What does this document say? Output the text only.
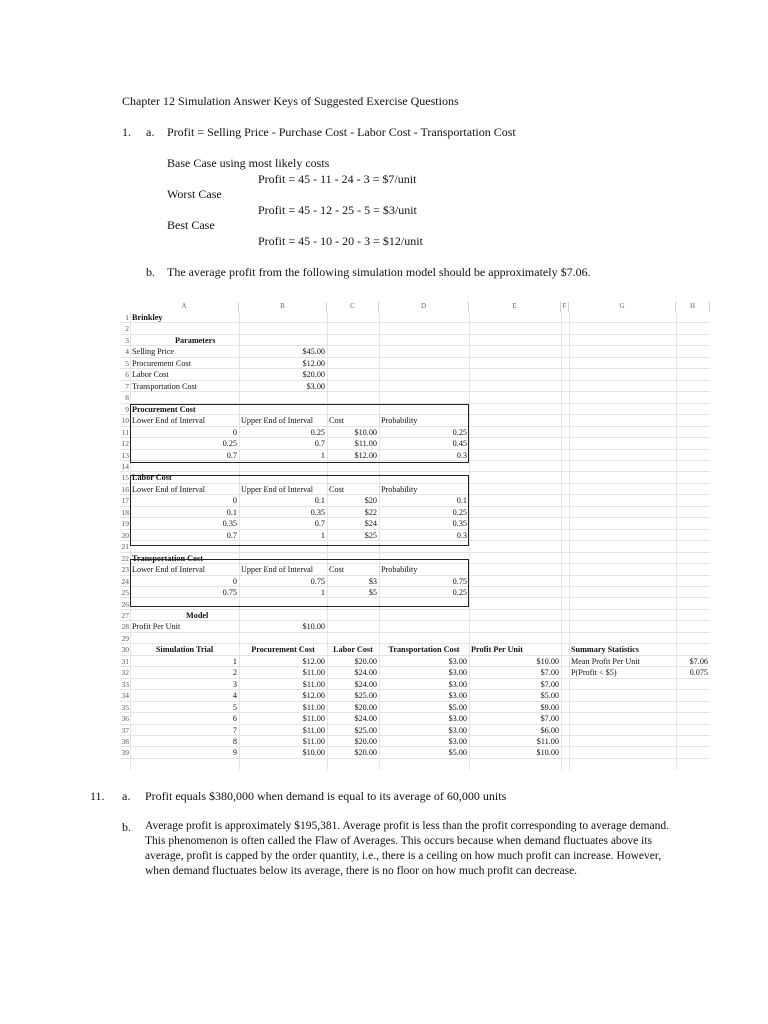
Chapter 12 Simulation Answer Keys of Suggested Exercise Questions
1. a. Profit = Selling Price - Purchase Cost - Labor Cost - Transportation Cost
Base Case using most likely costs
Profit = 45 - 11 - 24 - 3 = $7/unit
Worst Case
Profit = 45 - 12 - 25 - 5 = $3/unit
Best Case
Profit = 45 - 10 - 20 - 3 = $12/unit
b. The average profit from the following simulation model should be approximately $7.06.
A	B	C	D	E	F	G	H
1 Brinkley
2
3	Parameters
4 Selling Price	$45.00
5 Procurement Cost	$12.00
6 Labor Cost	$20.00
7 Transportation Cost	$3.00
8
9 Procurement Cost
10 Lower End of Interval	Upper End of Interval	Cost	Probability
11	0	0.25	$10.00	0.25
12	0.25	0.7	$11.00	0.45
13	0.7	1	$12.00	0.3
14
15 Labor Cost
16 Lower End of Interval	Upper End of Interval	Cost	Probability
17	0	0.1	$20	0.1
18	0.1	0.35	$22	0.25
19	0.35	0.7	$24	0.35
20	0.7	1	$25	0.3
21
22 Transportation Cost
23 Lower End of Interval	Upper End of Interval	Cost	Probability
24	0	0.75	$3	0.75
25	0.75	1	$5	0.25
26
27	Model
28 Profit Per Unit	$10.00
29
30	Simulation Trial	Procurement Cost	Labor Cost	Transportation Cost	Profit Per Unit	Summary Statistics
31	1	$12.00	$20.00	$3.00	$10.00 Mean Profit Per Unit	$7.06
32	2	$11.00	$24.00	$3.00	$7.00 P(Profit < $5)	0.075
33	3	$11.00	$24.00	$3.00	$7.00
34	4	$12.00	$25.00	$3.00	$5.00
35	5	$11.00	$20.00	$5.00	$9.00
36	6	$11.00	$24.00	$3.00	$7.00
37	7	$11.00	$25.00	$3.00	$6.00
38	8	$11.00	$20.00	$3.00	$11.00
39	9	$10.00	$20.00	$5.00	$10.00
11. a. Profit equals $380,000 when demand is equal to its average of 60,000 units
b. Average profit is approximately $195,381. Average profit is less than the profit corresponding to average demand. This phenomenon is often called the Flaw of Averages. This occurs because when demand fluctuates above its average, profit is capped by the order quantity, i.e., there is a ceiling on how much profit can increase. However, when demand fluctuates below its average, there is no floor on how much profit can decrease.
